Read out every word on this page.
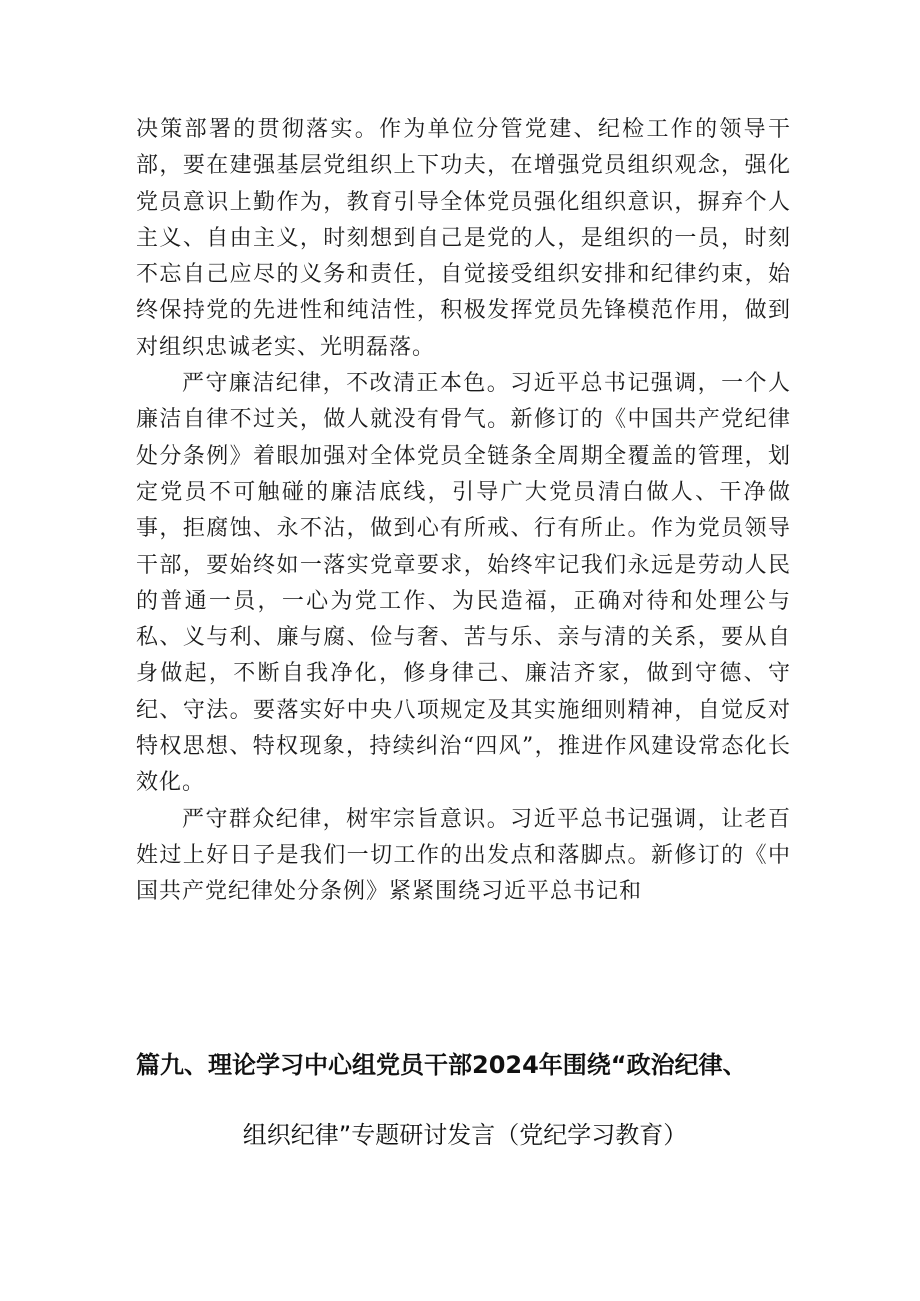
决策部署的贯彻落实。作为单位分管党建、纪检工作的领导干部，要在建强基层党组织上下功夫，在增强党员组织观念，强化党员意识上勤作为，教育引导全体党员强化组织意识，摒弃个人主义、自由主义，时刻想到自己是党的人，是组织的一员，时刻不忘自己应尽的义务和责任，自觉接受组织安排和纪律约束，始终保持党的先进性和纯洁性，积极发挥党员先锋模范作用，做到对组织忠诚老实、光明磊落。

严守廉洁纪律，不改清正本色。习近平总书记强调，一个人廉洁自律不过关，做人就没有骨气。新修订的《中国共产党纪律处分条例》着眼加强对全体党员全链条全周期全覆盖的管理，划定党员不可触碰的廉洁底线，引导广大党员清白做人、干净做事，拒腐蚀、永不沾，做到心有所戒、行有所止。作为党员领导干部，要始终如一落实党章要求，始终牢记我们永远是劳动人民的普通一员，一心为党工作、为民造福，正确对待和处理公与私、义与利、廉与腐、俭与奢、苦与乐、亲与清的关系，要从自身做起，不断自我净化，修身律己、廉洁齐家，做到守德、守纪、守法。要落实好中央八项规定及其实施细则精神，自觉反对特权思想、特权现象，持续纠治“四风”，推进作风建设常态化长效化。

严守群众纪律，树牢宗旨意识。习近平总书记强调，让老百姓过上好日子是我们一切工作的出发点和落脚点。新修订的《中国共产党纪律处分条例》紧紧围绕习近平总书记和

篇九、理论学习中心组党员干部2024年围绕“政治纪律、
组织纪律”专题研讨发言（党纪学习教育）
